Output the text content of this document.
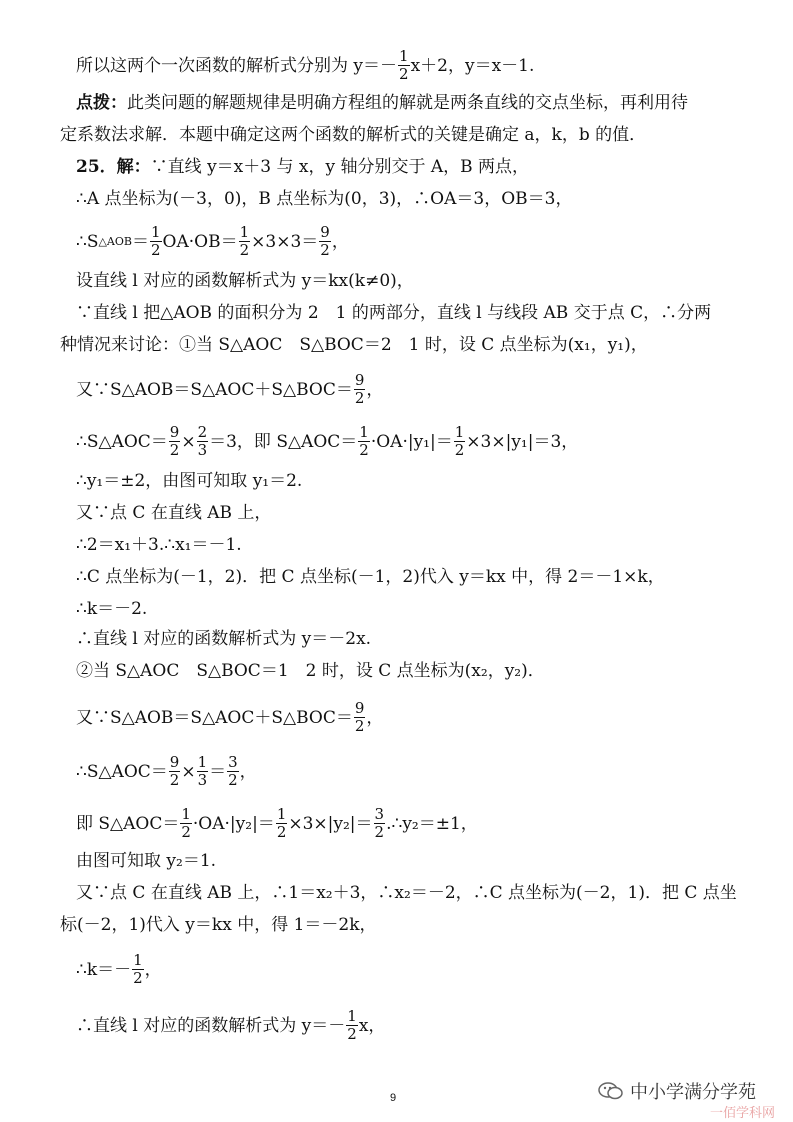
所以这两个一次函数的解析式分别为 $y=- \frac{1}{2} x+2$，y＝x－1.
点拨： 此类问题的解题规律是明确方程组的解就是两条直线的交点坐标，再利用待
定系数法求解．本题中确定这两个函数的解析式的关键是确定 a，k，b 的值．
25．解： ∵直线 y＝x＋3 与 x，y 轴分别交于 A，B 两点，
∴A 点坐标为(－3，0)，B 点坐标为(0，3)，∴OA＝3，OB＝3，
∴S △AOB ＝ $\frac{1}{2} OA\cdot OB= \frac{1}{2} \times 3\times 3= \frac{9}{2}$ ，
设直线 l 对应的函数解析式为 y＝kx(k≠0)，
∵直线 l 把△AOB 的面积分为 2　1 的两部分，直线 l 与线段 AB 交于点 C，∴分两
种情况来讨论：①当 S△AOC　S△BOC＝2　1 时，设 C 点坐标为(x₁，y₁)，
又∵S△AOB＝S△AOC＋S△BOC＝ $\frac{9}{2}$ ，
∴S△AOC＝ $\frac{9}{2} \times \frac{2}{3} =3$，即 S△AOC＝ $\frac{1}{2} \cdot OA\cdot|y_1|= \frac{1}{2} \times 3\times|y_1|=3$，
∴y₁＝±2，由图可知取 y₁＝2.
又∵点 C 在直线 AB 上，
∴2＝x₁＋3.∴x₁＝－1.
∴C 点坐标为(－1，2)．把 C 点坐标(－1，2)代入 y＝kx 中，得 2＝－1×k，
∴k＝－2.
∴直线 l 对应的函数解析式为 y＝－2x.
②当 S△AOC　S△BOC＝1　2 时，设 C 点坐标为(x₂，y₂)．
又∵S△AOB＝S△AOC＋S△BOC＝ $\frac{9}{2}$ ，
∴S△AOC＝ $\frac{9}{2} \times \frac{1}{3} = \frac{3}{2}$ ，
即 S△AOC＝ $\frac{1}{2} \cdot OA\cdot|y_2|= \frac{1}{2} \times 3\times|y_2|= \frac{3}{2}$ .∴y₂＝±1，
由图可知取 y₂＝1.
又∵点 C 在直线 AB 上，∴1＝x₂＋3，∴x₂＝－2，∴C 点坐标为(－2，1)．把 C 点坐
标(－2，1)代入 y＝kx 中，得 1＝－2k，
∴k＝－ $\frac{1}{2}$ ，
∴直线 l 对应的函数解析式为 $y=- \frac{1}{2}$ x，
9	中小学满分学苑
一佰学科网
